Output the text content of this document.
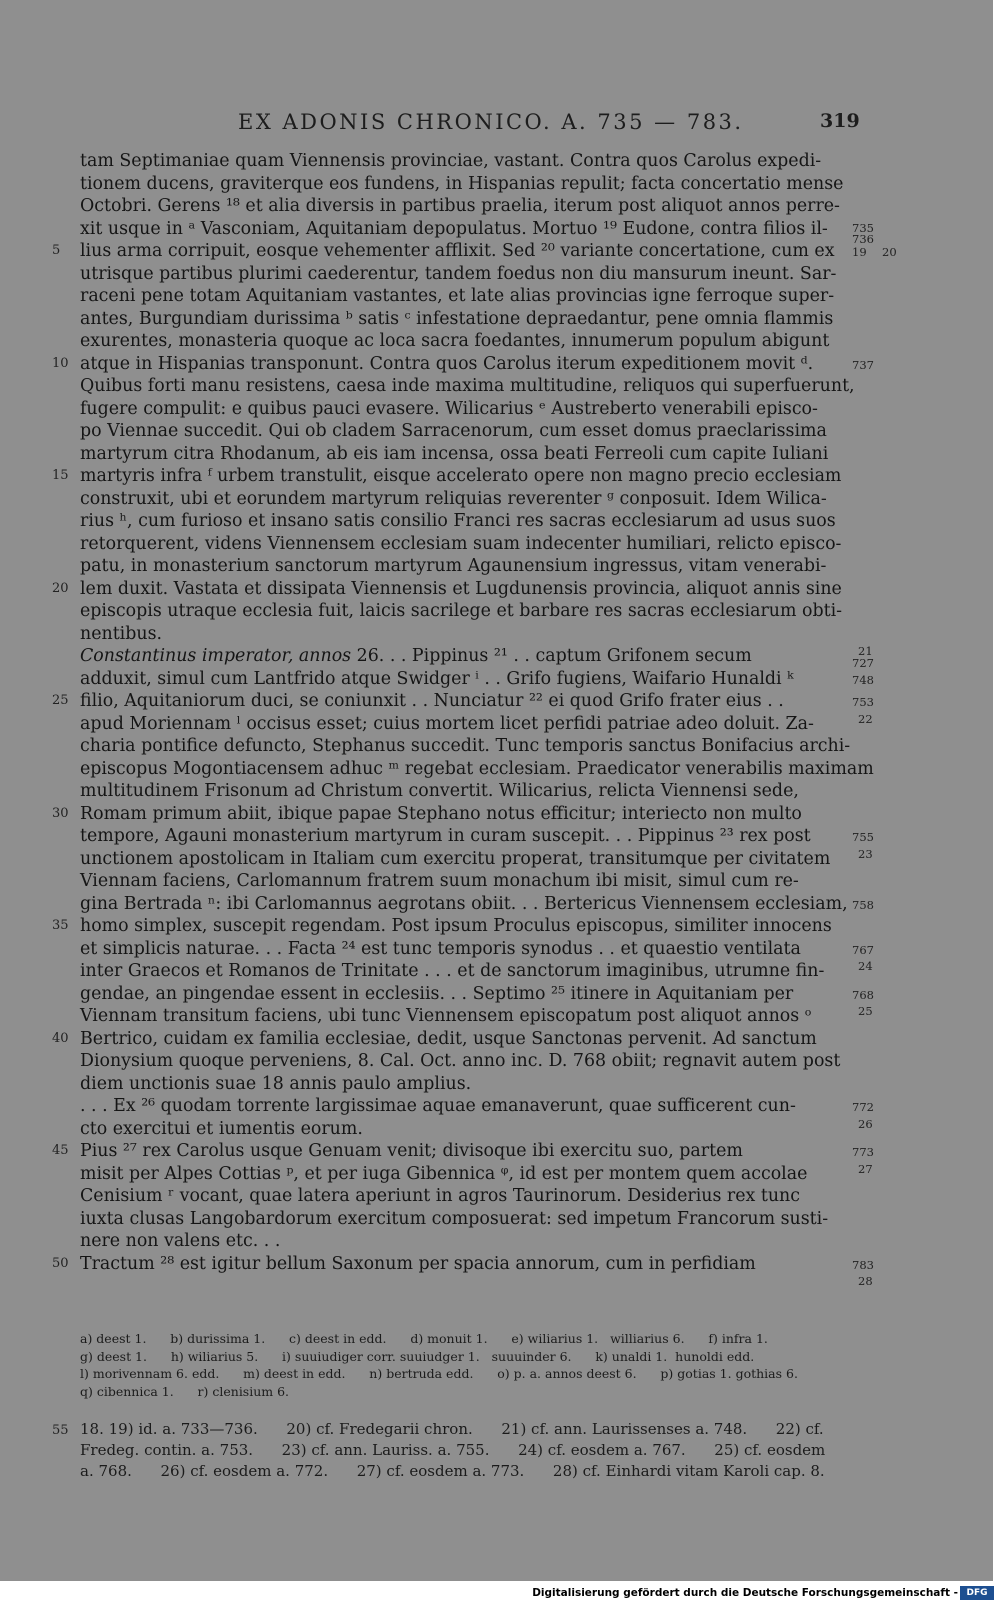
EX ADONIS CHRONICO. A. 735 — 783.	319
tam Septimaniae quam Viennensis provinciae, vastant. Contra quos Carolus expedi-
tionem ducens, graviterque eos fundens, in Hispanias repulit; facta concertatio mense
Octobri. Gerens ¹⁸ et alia diversis in partibus praelia, iterum post aliquot annos perre-
xit usque in ᵃ Vasconiam, Aquitaniam depopulatus. Mortuo ¹⁹ Eudone, contra filios il-
lius arma corripuit, eosque vehementer afflixit. Sed ²⁰ variante concertatione, cum ex
utrisque partibus plurimi caederentur, tandem foedus non diu mansurum ineunt. Sar-
raceni pene totam Aquitaniam vastantes, et late alias provincias igne ferroque super-
antes, Burgundiam durissima ᵇ satis ᶜ infestatione depraedantur, pene omnia flammis
exurentes, monasteria quoque ac loca sacra foedantes, innumerum populum abigunt
atque in Hispanias transponunt. Contra quos Carolus iterum expeditionem movit ᵈ.
Quibus forti manu resistens, caesa inde maxima multitudine, reliquos qui superfuerunt,
fugere compulit: e quibus pauci evasere. Wilicarius ᵉ Austreberto venerabili episco-
po Viennae succedit. Qui ob cladem Sarracenorum, cum esset domus praeclarissima
martyrum citra Rhodanum, ab eis iam incensa, ossa beati Ferreoli cum capite Iuliani
martyris infra ᶠ urbem transtulit, eisque accelerato opere non magno precio ecclesiam
construxit, ubi et eorundem martyrum reliquias reverenter ᵍ conposuit. Idem Wilica-
rius ʰ, cum furioso et insano satis consilio Franci res sacras ecclesiarum ad usus suos
retorquerent, videns Viennensem ecclesiam suam indecenter humiliari, relicto episco-
patu, in monasterium sanctorum martyrum Agaunensium ingressus, vitam venerabi-
lem duxit. Vastata et dissipata Viennensis et Lugdunensis provincia, aliquot annis sine
episcopis utraque ecclesia fuit, laicis sacrilege et barbare res sacras ecclesiarum obti-
nentibus.
Constantinus imperator, annos 26. . . Pippinus ²¹ . . captum Grifonem secum
adduxit, simul cum Lantfrido atque Swidger ⁱ . . Grifo fugiens, Waifario Hunaldi ᵏ
filio, Aquitaniorum duci, se coniunxit . . Nunciatur ²² ei quod Grifo frater eius . .
apud Moriennam ˡ occisus esset; cuius mortem licet perfidi patriae adeo doluit. Za-
charia pontifice defuncto, Stephanus succedit. Tunc temporis sanctus Bonifacius archi-
episcopus Mogontiacensem adhuc ᵐ regebat ecclesiam. Praedicator venerabilis maximam
multitudinem Frisonum ad Christum convertit. Wilicarius, relicta Viennensi sede,
Romam primum abiit, ibique papae Stephano notus efficitur; interiecto non multo
tempore, Agauni monasterium martyrum in curam suscepit. . . Pippinus ²³ rex post
unctionem apostolicam in Italiam cum exercitu properat, transitumque per civitatem
Viennam faciens, Carlomannum fratrem suum monachum ibi misit, simul cum re-
gina Bertrada ⁿ: ibi Carlomannus aegrotans obiit. . . Bertericus Viennensem ecclesiam,
homo simplex, suscepit regendam. Post ipsum Proculus episcopus, similiter innocens
et simplicis naturae. . . Facta ²⁴ est tunc temporis synodus . . et quaestio ventilata
inter Graecos et Romanos de Trinitate . . . et de sanctorum imaginibus, utrumne fin-
gendae, an pingendae essent in ecclesiis. . . Septimo ²⁵ itinere in Aquitaniam per
Viennam transitum faciens, ubi tunc Viennensem episcopatum post aliquot annos ᵒ
Bertrico, cuidam ex familia ecclesiae, dedit, usque Sanctonas pervenit. Ad sanctum
Dionysium quoque perveniens, 8. Cal. Oct. anno inc. D. 768 obiit; regnavit autem post
diem unctionis suae 18 annis paulo amplius.
. . . Ex ²⁶ quodam torrente largissimae aquae emanaverunt, quae sufficerent cun-
cto exercitui et iumentis eorum.
Pius ²⁷ rex Carolus usque Genuam venit; divisoque ibi exercitu suo, partem
misit per Alpes Cottias ᵖ, et per iuga Gibennica ᵠ, id est per montem quem accolae
Cenisium ʳ vocant, quae latera aperiunt in agros Taurinorum. Desiderius rex tunc
iuxta clusas Langobardorum exercitum composuerat: sed impetum Francorum susti-
nere non valens etc. . .
Tractum ²⁸ est igitur bellum Saxonum per spacia annorum, cum in perfidiam
5
10
15
20
25
30
35
40
45
50
735
736
19
737
21
727
748
753
22
755
23
758
767
24
768
25
772
26
773
27
783
28
20
a) deest 1.      b) durissima 1.      c) deest in edd.      d) monuit 1.      e) wiliarius 1.   williarius 6.      f) infra 1.
g) deest 1.      h) wiliarius 5.      i) suuiudiger corr. suuiudger 1.   suuuinder 6.      k) unaldi 1.  hunoldi edd.
l) morivennam 6. edd.      m) deest in edd.      n) bertruda edd.      o) p. a. annos deest 6.      p) gotias 1. gothias 6.
q) cibennica 1.      r) clenisium 6.
55 18. 19) id. a. 733—736.      20) cf. Fredegarii chron.      21) cf. ann. Laurissenses a. 748.      22) cf.
Fredeg. contin. a. 753.      23) cf. ann. Lauriss. a. 755.      24) cf. eosdem a. 767.      25) cf. eosdem
a. 768.      26) cf. eosdem a. 772.      27) cf. eosdem a. 773.      28) cf. Einhardi vitam Karoli cap. 8.
Digitalisierung gefördert durch die Deutsche Forschungsgemeinschaft - DFG
